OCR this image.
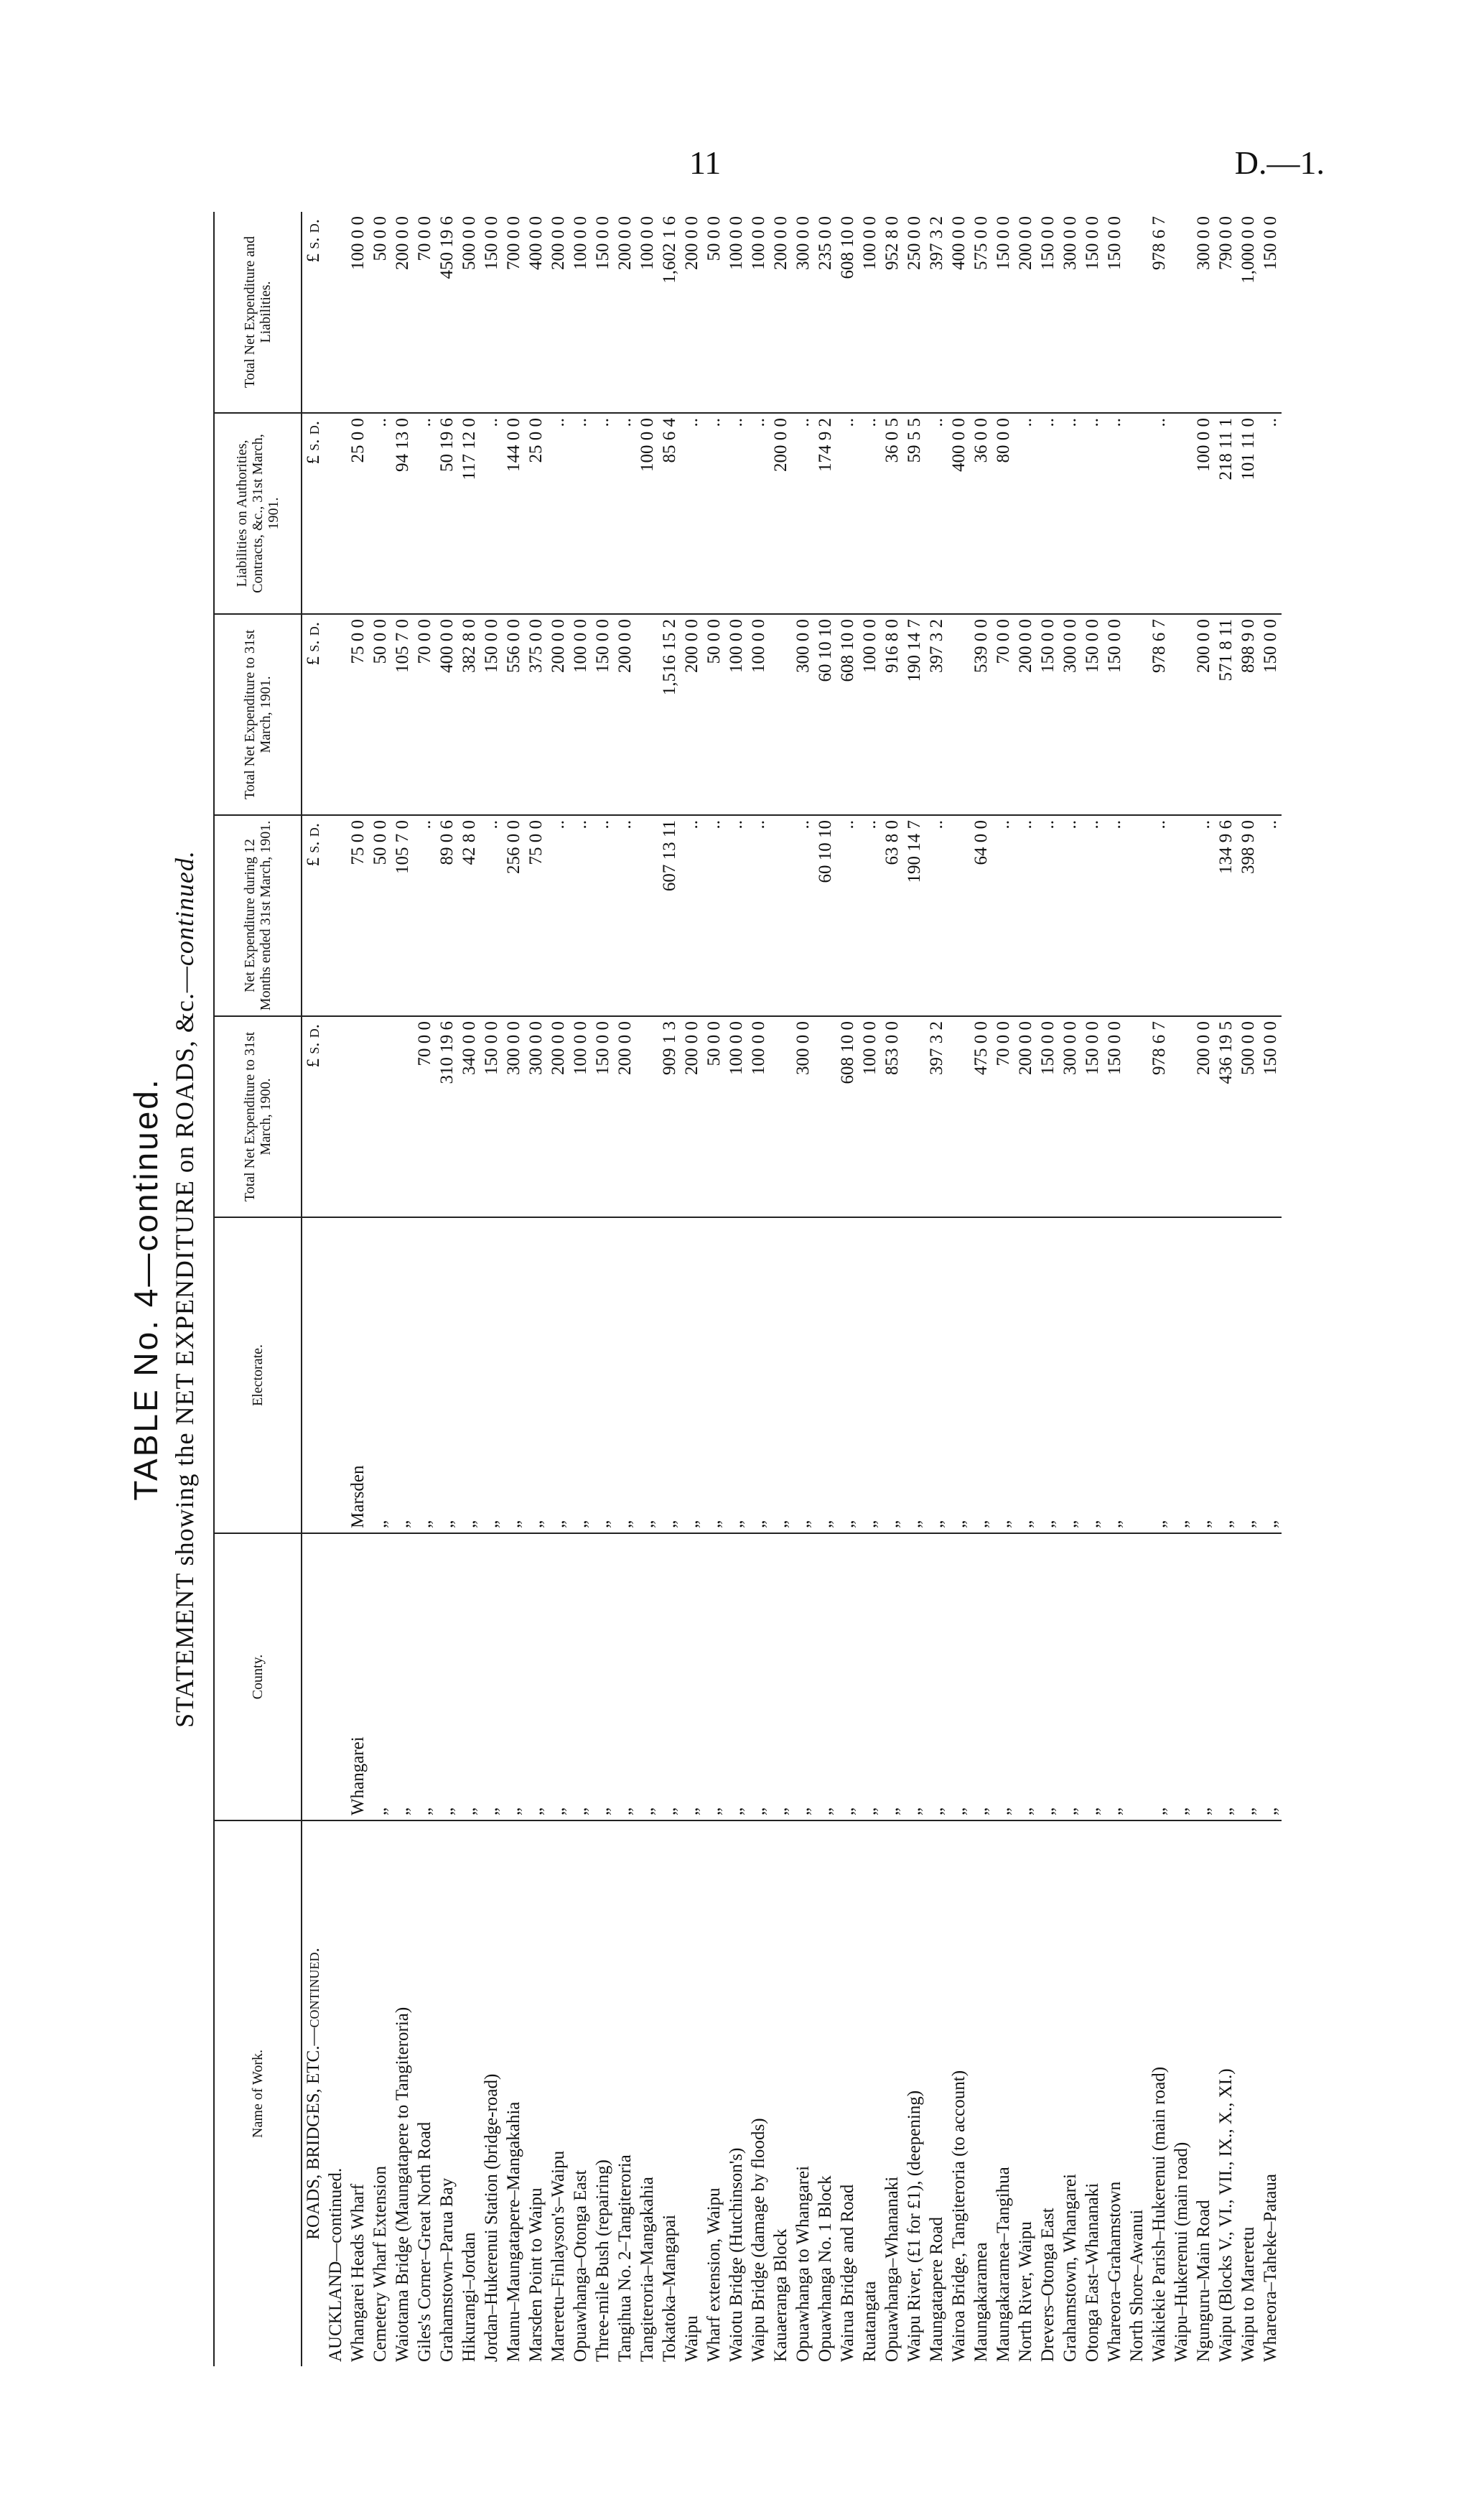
11	D.—1.
TABLE No. 4—continued. STATEMENT showing the NET EXPENDITURE on ROADS, &c.—continued.
Name of Work.	County.	Electorate.	Total Net Expenditure to 31st March, 1900.	Net Expenditure during 12 Months ended 31st March, 1901.	Total Net Expenditure to 31st March, 1901.	Liabilities on Authorities, Contracts, &c., 31st March, 1901.	Total Net Expenditure and Liabilities.
ROADS, BRIDGES, ETC.—continued.			£ s. d.	£ s. d.	£ s. d.	£ s. d.	£ s. d.
AUCKLAND—continued.							
Whangarei Heads Wharf	Whangarei	Marsden		75 0 0	75 0 0	25 0 0	100 0 0
Cemetery Wharf Extension	„	„		50 0 0	50 0 0	..	50 0 0
Waiotama Bridge (Maungatapere to Tangiteroria)	„	„		105 7 0	105 7 0	94 13 0	200 0 0
Giles's Corner–Great North Road	„	„	70 0 0	..	70 0 0	..	70 0 0
Grahamstown–Parua Bay	„	„	310 19 6	89 0 6	400 0 0	50 19 6	450 19 6
Hikurangi–Jordan	„	„	340 0 0	42 8 0	382 8 0	117 12 0	500 0 0
Jordan–Hukerenui Station (bridge-road)	„	„	150 0 0	..	150 0 0	..	150 0 0
Maunu–Maungatapere–Mangakahia	„	„	300 0 0	256 0 0	556 0 0	144 0 0	700 0 0
Marsden Point to Waipu	„	„	300 0 0	75 0 0	375 0 0	25 0 0	400 0 0
Mareretu–Finlayson's–Waipu	„	„	200 0 0	..	200 0 0	..	200 0 0
Opuawhanga–Otonga East	„	„	100 0 0	..	100 0 0	..	100 0 0
Three-mile Bush (repairing)	„	„	150 0 0	..	150 0 0	..	150 0 0
Tangihua No. 2–Tangiteroria	„	„	200 0 0	..	200 0 0	..	200 0 0
Tangiteroria–Mangakahia	„	„				100 0 0	100 0 0
Tokatoka–Mangapai	„	„	909 1 3	607 13 11	1,516 15 2	85 6 4	1,602 1 6
Waipu	„	„	200 0 0	..	200 0 0	..	200 0 0
Wharf extension, Waipu	„	„	50 0 0	..	50 0 0	..	50 0 0
Waiotu Bridge (Hutchinson's)	„	„	100 0 0	..	100 0 0	..	100 0 0
Waipu Bridge (damage by floods)	„	„	100 0 0	..	100 0 0	..	100 0 0
Kauaeranga Block	„	„				200 0 0	200 0 0
Opuawhanga to Whangarei	„	„	300 0 0	..	300 0 0	..	300 0 0
Opuawhanga No. 1 Block	„	„		60 10 10	60 10 10	174 9 2	235 0 0
Wairua Bridge and Road	„	„	608 10 0	..	608 10 0	..	608 10 0
Ruatangata	„	„	100 0 0	..	100 0 0	..	100 0 0
Opuawhanga–Whananaki	„	„	853 0 0	63 8 0	916 8 0	36 0 5	952 8 0
Waipu River, (£1 for £1), (deepening)	„	„		190 14 7	190 14 7	59 5 5	250 0 0
Maungatapere Road	„	„	397 3 2	..	397 3 2	..	397 3 2
Wairoa Bridge, Tangiteroria (to account)	„	„				400 0 0	400 0 0
Maungakaramea	„	„	475 0 0	64 0 0	539 0 0	36 0 0	575 0 0
Maungakaramea–Tangihua	„	„	70 0 0	..	70 0 0	80 0 0	150 0 0
North River, Waipu	„	„	200 0 0	..	200 0 0	..	200 0 0
Drevers–Otonga East	„	„	150 0 0	..	150 0 0	..	150 0 0
Grahamstown, Whangarei	„	„	300 0 0	..	300 0 0	..	300 0 0
Otonga East–Whananaki	„	„	150 0 0	..	150 0 0	..	150 0 0
Whareora–Grahamstown	„	„	150 0 0	..	150 0 0	..	150 0 0
North Shore–Awanui							
Waikiekie Parish–Hukerenui (main road)	„	„	978 6 7	..	978 6 7	..	978 6 7
Waipu–Hukerenui (main road)	„	„					
Ngunguru–Main Road	„	„	200 0 0	..	200 0 0	100 0 0	300 0 0
Waipu (Blocks V., VI., VII., IX., X., XI.)	„	„	436 19 5	134 9 6	571 8 11	218 11 1	790 0 0
Waipu to Mareretu	„	„	500 0 0	398 9 0	898 9 0	101 11 0	1,000 0 0
Whareora–Taheke–Pataua	„	„	150 0 0	..	150 0 0	..	150 0 0
